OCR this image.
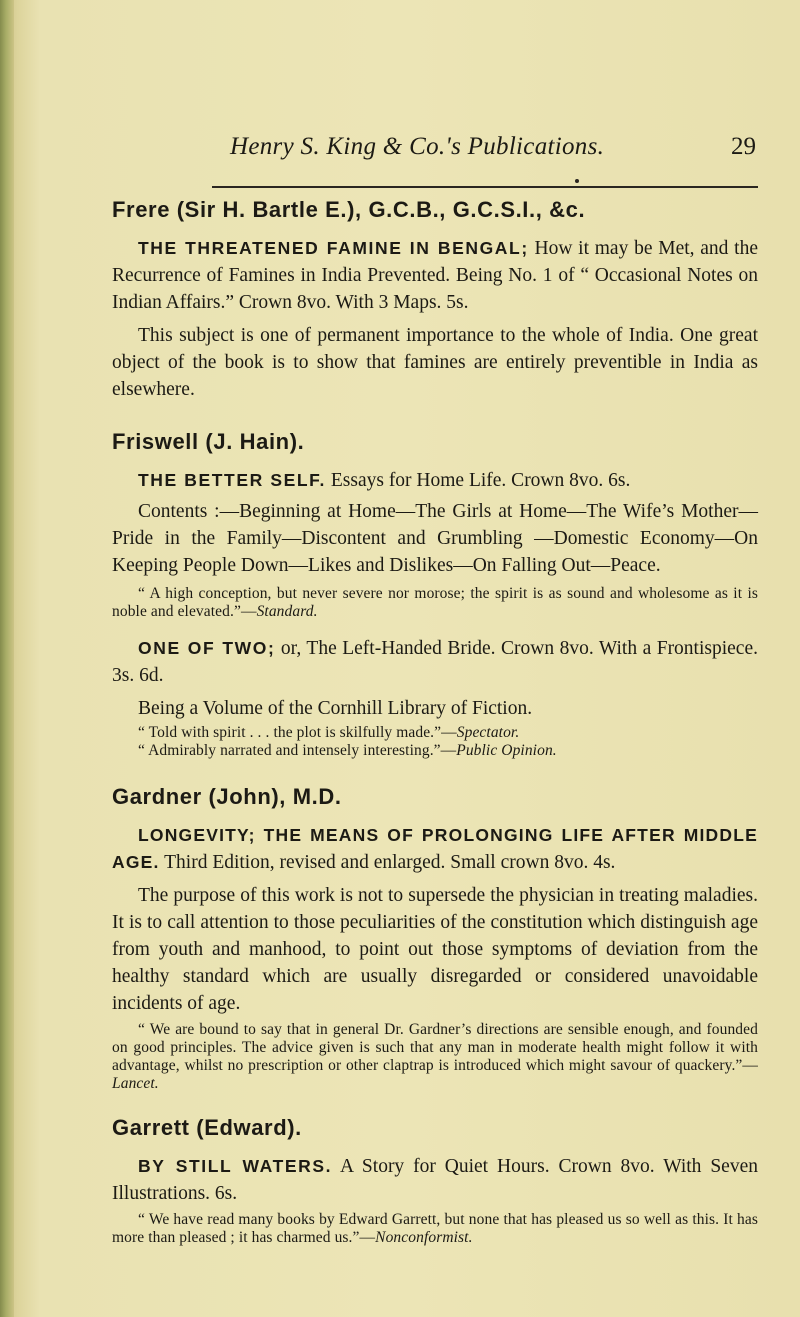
Henry S. King & Co.'s Publications.	29

Frere (Sir H. Bartle E.), G.C.B., G.C.S.I., &c.

THE THREATENED FAMINE IN BENGAL; How it may be Met, and the Recurrence of Famines in India Prevented. Being No. 1 of “ Occasional Notes on Indian Affairs.” Crown 8vo. With 3 Maps. 5s.

This subject is one of permanent importance to the whole of India. One great object of the book is to show that famines are entirely preventible in India as elsewhere.

Friswell (J. Hain).

THE BETTER SELF. Essays for Home Life. Crown 8vo. 6s.

Contents :—Beginning at Home—The Girls at Home—The Wife’s Mother—Pride in the Family—Discontent and Grumbling —Domestic Economy—On Keeping People Down—Likes and Dislikes—On Falling Out—Peace.

“ A high conception, but never severe nor morose; the spirit is as sound and wholesome as it is noble and elevated.”—Standard.

ONE OF TWO; or, The Left-Handed Bride. Crown 8vo. With a Frontispiece. 3s. 6d.

Being a Volume of the Cornhill Library of Fiction.

“ Told with spirit . . . the plot is skilfully made.”—Spectator.

“ Admirably narrated and intensely interesting.”—Public Opinion.

Gardner (John), M.D.

LONGEVITY; THE MEANS OF PROLONGING LIFE AFTER MIDDLE AGE. Third Edition, revised and enlarged. Small crown 8vo. 4s.

The purpose of this work is not to supersede the physician in treating maladies. It is to call attention to those peculiarities of the constitution which distinguish age from youth and manhood, to point out those symptoms of deviation from the healthy standard which are usually disregarded or considered unavoidable incidents of age.

“ We are bound to say that in general Dr. Gardner’s directions are sensible enough, and founded on good principles. The advice given is such that any man in moderate health might follow it with advantage, whilst no prescription or other claptrap is introduced which might savour of quackery.”—Lancet.

Garrett (Edward).

BY STILL WATERS. A Story for Quiet Hours. Crown 8vo. With Seven Illustrations. 6s.

“ We have read many books by Edward Garrett, but none that has pleased us so well as this. It has more than pleased ; it has charmed us.”—Nonconformist.
